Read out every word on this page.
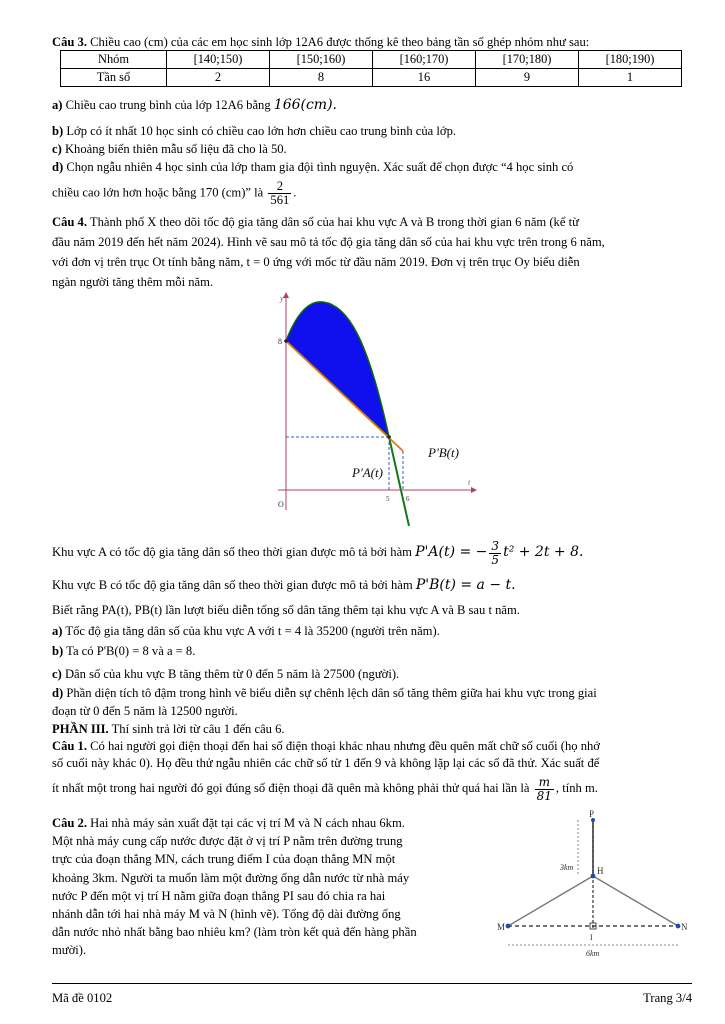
Câu 3. Chiều cao (cm) của các em học sinh lớp 12A6 được thống kê theo bảng tần số ghép nhóm như sau:
Nhóm	[140;150)	[150;160)	[160;170)	[170;180)	[180;190)
Tần số	2	8	16	9	1
a) Chiều cao trung bình của lớp 12A6 bằng 166(cm).
b) Lớp có ít nhất 10 học sinh có chiều cao lớn hơn chiều cao trung bình của lớp.
c) Khoảng biến thiên mẫu số liệu đã cho là 50.
d) Chọn ngẫu nhiên 4 học sinh của lớp tham gia đội tình nguyện. Xác suất để chọn được “4 học sinh có
chiều cao lớn hơn hoặc bằng 170 (cm)” là $\frac{2}{561}$ .
Câu 4. Thành phố X theo dõi tốc độ gia tăng dân số của hai khu vực A và B trong thời gian 6 năm (kể từ
đầu năm 2019 đến hết năm 2024). Hình vẽ sau mô tả tốc độ gia tăng dân số của hai khu vực trên trong 6 năm,
với đơn vị trên trục Ot tính bằng năm, t = 0 ứng với mốc từ đầu năm 2019. Đơn vị trên trục Oy biểu diễn
ngàn người tăng thêm mỗi năm.
y
t
O
8
5 6
P'A(t)
P'B(t)
Khu vực A có tốc độ gia tăng dân số theo thời gian được mô tả bởi hàm P'A(t) = − $\frac{3}{5} t^2 + 2t + 8$.
Khu vực B có tốc độ gia tăng dân số theo thời gian được mô tả bởi hàm P'B(t) = a − t.
Biết rằng PA(t), PB(t) lần lượt biểu diễn tổng số dân tăng thêm tại khu vực A và B sau t năm.
a) Tốc độ gia tăng dân số của khu vực A với t = 4 là 35200 (người trên năm).
b) Ta có P'B(0) = 8 và a = 8.
c) Dân số của khu vực B tăng thêm từ 0 đến 5 năm là 27500 (người).
d) Phần diện tích tô đậm trong hình vẽ biểu diễn sự chênh lệch dân số tăng thêm giữa hai khu vực trong giai
đoạn từ 0 đến 5 năm là 12500 người.
PHẦN III. Thí sinh trả lời từ câu 1 đến câu 6.
Câu 1. Có hai người gọi điện thoại đến hai số điện thoại khác nhau nhưng đều quên mất chữ số cuối (họ nhớ
số cuối này khác 0). Họ đều thử ngẫu nhiên các chữ số từ 1 đến 9 và không lặp lại các số đã thử. Xác suất để
ít nhất một trong hai người đó gọi đúng số điện thoại đã quên mà không phải thử quá hai lần là $\frac{m}{81}$ , tính m.
Câu 2. Hai nhà máy sản xuất đặt tại các vị trí M và N cách nhau 6km.
Một nhà máy cung cấp nước được đặt ở vị trí P nằm trên đường trung
trực của đoạn thẳng MN, cách trung điểm I của đoạn thẳng MN một
khoảng 3km. Người ta muốn làm một đường ống dẫn nước từ nhà máy
nước P đến một vị trí H nằm giữa đoạn thẳng PI sau đó chia ra hai
nhánh dẫn tới hai nhà máy M và N (hình vẽ). Tổng độ dài đường ống
dẫn nước nhỏ nhất bằng bao nhiêu km? (làm tròn kết quả đến hàng phần
mười).
P
H
M	N
I
3km
6km
Mã đề 0102	Trang 3/4
